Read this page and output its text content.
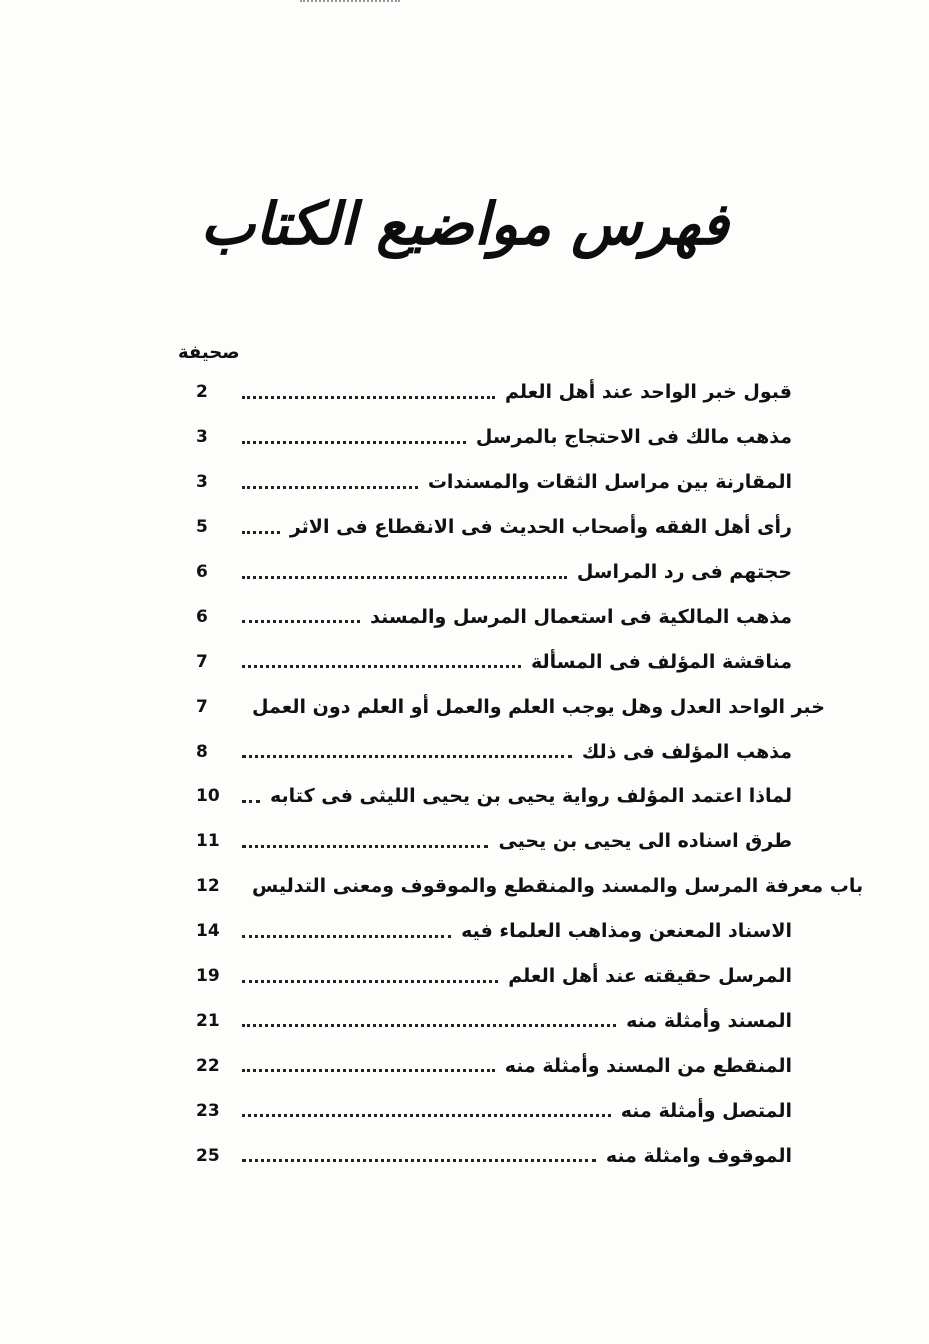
فهرس مواضيع الكتاب
صحيفة
2	قبول خبر الواحد عند أهل العلم
3	مذهب مالك فى الاحتجاج بالمرسل
3	المقارنة بين مراسل الثقات والمسندات
5	رأى أهل الفقه وأصحاب الحديث فى الانقطاع فى الاثر
6	حجتهم فى رد المراسل
6	مذهب المالكية فى استعمال المرسل والمسند
7	مناقشة المؤلف فى المسألة
7	خبر الواحد العدل وهل يوجب العلم والعمل أو العلم دون العمل
8	مذهب المؤلف فى ذلك
10	لماذا اعتمد المؤلف رواية يحيى بن يحيى الليثى فى كتابه
11	طرق اسناده الى يحيى بن يحيى
12	باب معرفة المرسل والمسند والمنقطع والموقوف ومعنى التدليس
14	الاسناد المعنعن ومذاهب العلماء فيه
19	المرسل حقيقته عند أهل العلم
21	المسند وأمثلة منه
22	المنقطع من المسند وأمثلة منه
23	المتصل وأمثلة منه
25	الموقوف وامثلة منه
